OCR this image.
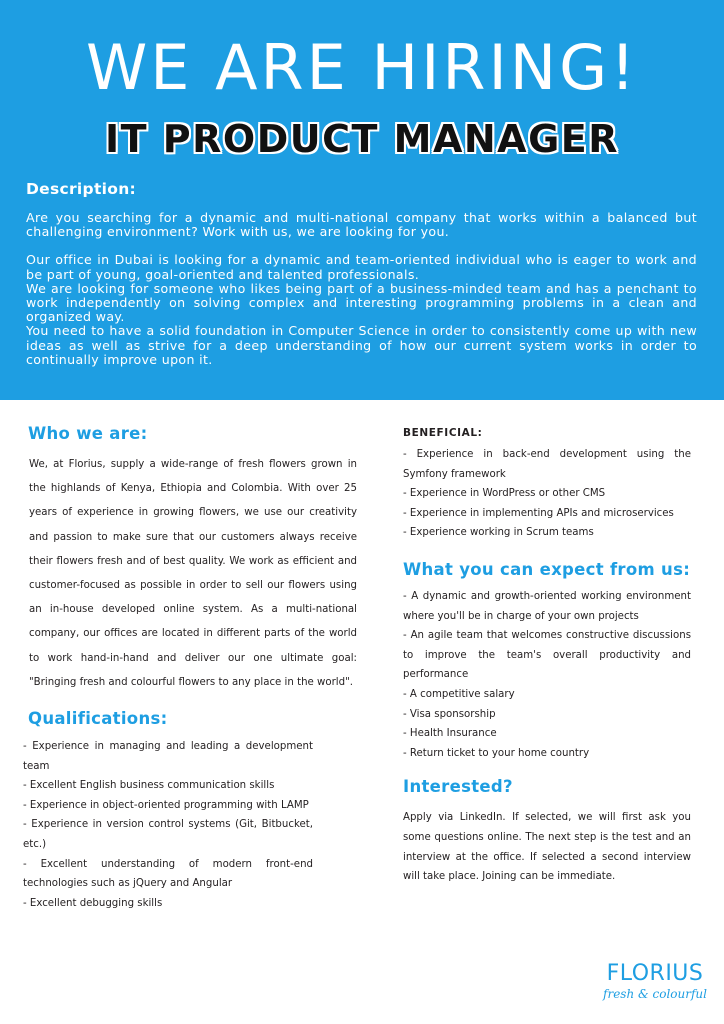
WE ARE HIRING!
IT PRODUCT MANAGER
Description:

Are you searching for a dynamic and multi-national company that works within a balanced but challenging environment? Work with us, we are looking for you.

Our office in Dubai is looking for a dynamic and team-oriented individual who is eager to work and be part of young, goal-oriented and talented professionals.

We are looking for someone who likes being part of a business-minded team and has a penchant to work independently on solving complex and interesting programming problems in a clean and organized way.

You need to have a solid foundation in Computer Science in order to consistently come up with new ideas as well as strive for a deep understanding of how our current system works in order to continually improve upon it.

Who we are:
We, at Florius, supply a wide-range of fresh flowers grown in the highlands of Kenya, Ethiopia and Colombia. With over 25 years of experience in growing flowers, we use our creativity and passion to make sure that our customers always receive their flowers fresh and of best quality. We work as efficient and customer-focused as possible in order to sell our flowers using an in-house developed online system. As a multi-national company, our offices are located in different parts of the world to work hand-in-hand and deliver our one ultimate goal: "Bringing fresh and colourful flowers to any place in the world".
Qualifications:
- Experience in managing and leading a development team
- Excellent English business communication skills
- Experience in object-oriented programming with LAMP
- Experience in version control systems (Git, Bitbucket, etc.)
- Excellent understanding of modern front-end technologies such as jQuery and Angular
- Excellent debugging skills
BENEFICIAL:
- Experience in back-end development using the Symfony framework
- Experience in WordPress or other CMS
- Experience in implementing APIs and microservices
- Experience working in Scrum teams
What you can expect from us:
- A dynamic and growth-oriented working environment where you'll be in charge of your own projects
- An agile team that welcomes constructive discussions to improve the team's overall productivity and performance
- A competitive salary
- Visa sponsorship
- Health Insurance
- Return ticket to your home country
Interested?
Apply via LinkedIn. If selected, we will first ask you some questions online. The next step is the test and an interview at the office. If selected a second interview will take place. Joining can be immediate.
FLORIUS
fresh & colourful
